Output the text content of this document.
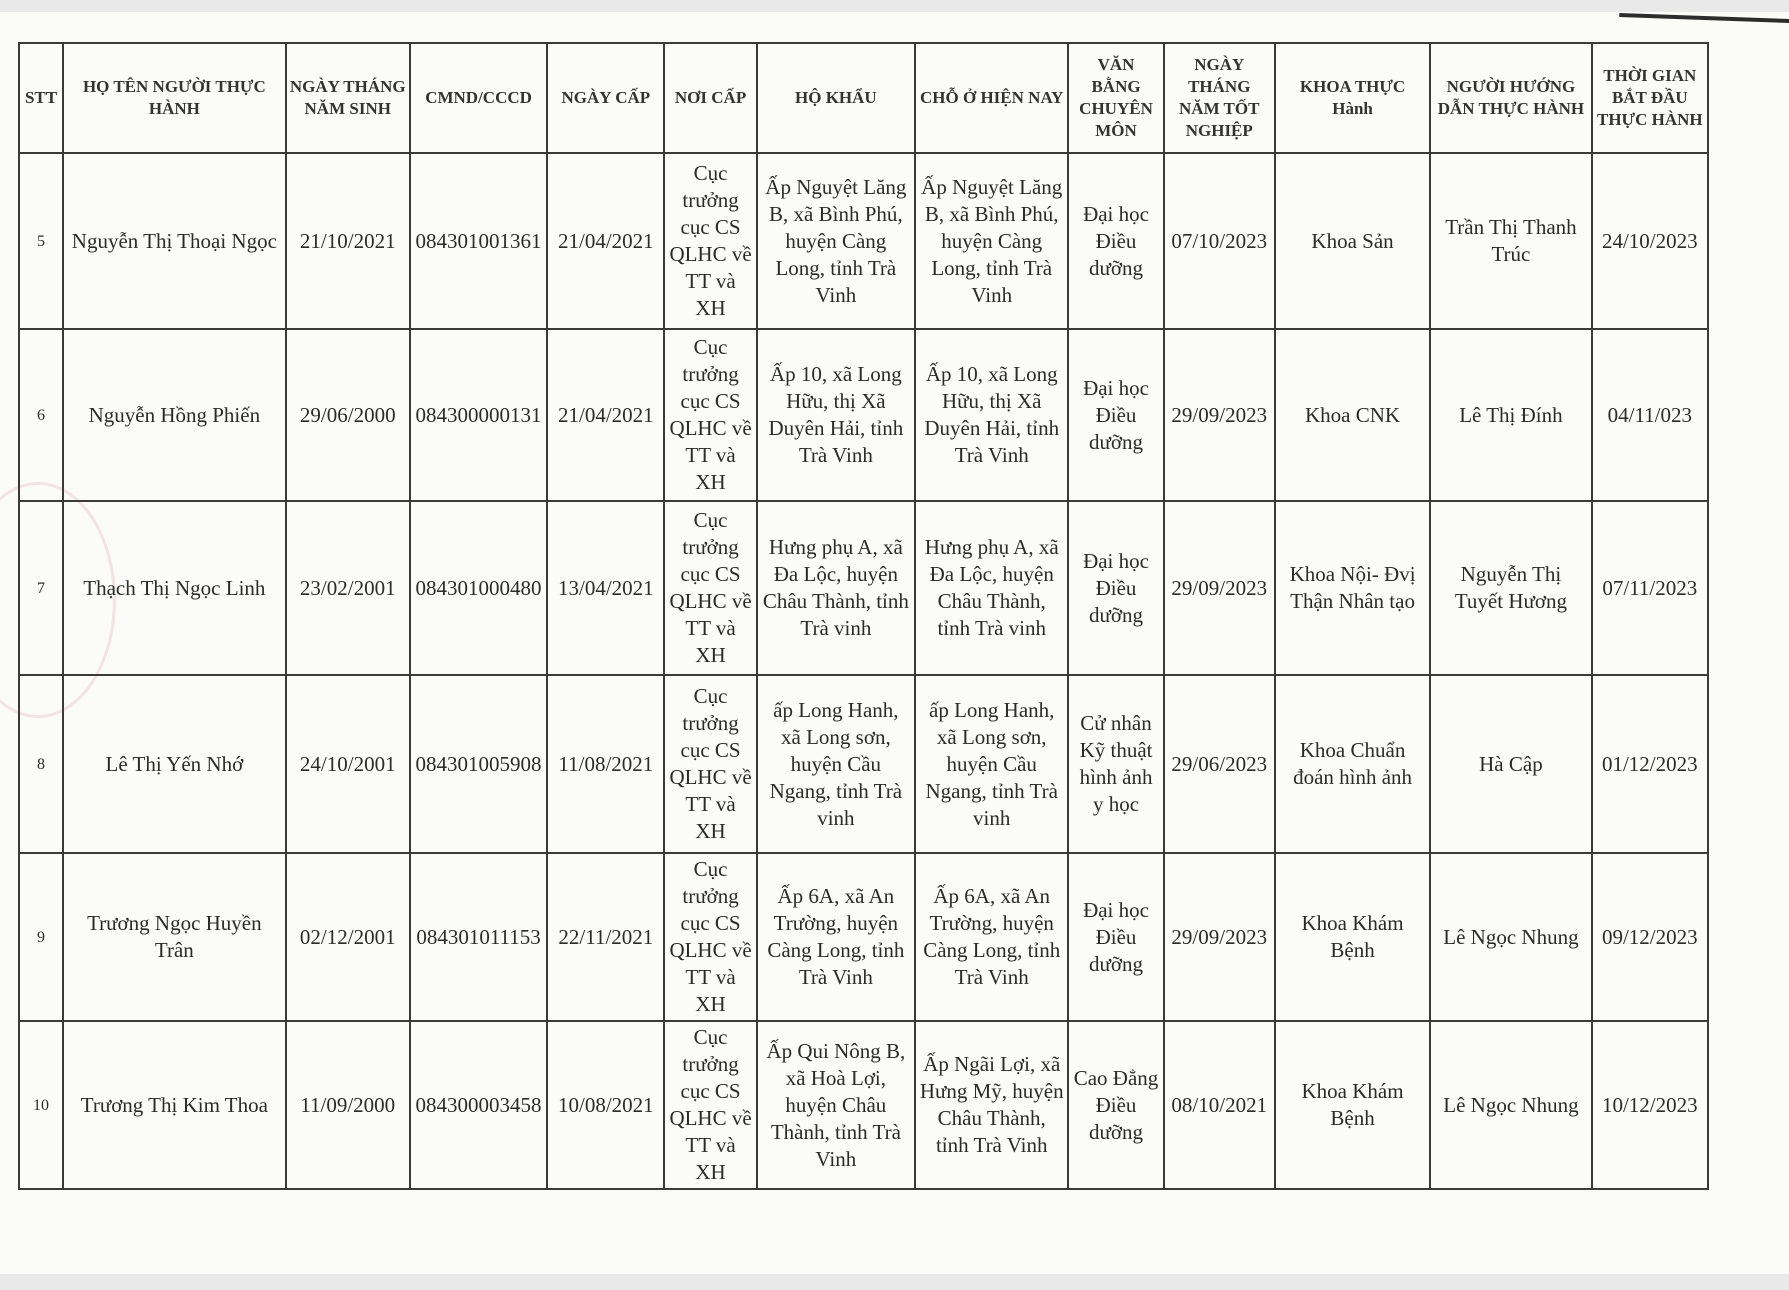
STT	HỌ TÊN NGƯỜI THỰC HÀNH	NGÀY THÁNG NĂM SINH	CMND/CCCD	NGÀY CẤP	NƠI CẤP	HỘ KHẨU	CHỖ Ở HIỆN NAY	VĂN BẰNG CHUYÊN MÔN	NGÀY THÁNG NĂM TỐT NGHIỆP	KHOA THỰC Hành	NGƯỜI HƯỚNG DẪN THỰC HÀNH	THỜI GIAN BẮT ĐẦU THỰC HÀNH
5	Nguyễn Thị Thoại Ngọc	21/10/2021	084301001361	21/04/2021	Cục trưởng cục CS QLHC về TT và XH	Ấp Nguyệt Lăng B, xã Bình Phú, huyện Càng Long, tỉnh Trà Vinh	Ấp Nguyệt Lăng B, xã Bình Phú, huyện Càng Long, tỉnh Trà Vinh	Đại học Điều dưỡng	07/10/2023	Khoa Sản	Trần Thị Thanh Trúc	24/10/2023
6	Nguyễn Hồng Phiến	29/06/2000	084300000131	21/04/2021	Cục trưởng cục CS QLHC về TT và XH	Ấp 10, xã Long Hữu, thị Xã Duyên Hải, tỉnh Trà Vinh	Ấp 10, xã Long Hữu, thị Xã Duyên Hải, tỉnh Trà Vinh	Đại học Điều dưỡng	29/09/2023	Khoa CNK	Lê Thị Đính	04/11/023
7	Thạch Thị Ngọc Linh	23/02/2001	084301000480	13/04/2021	Cục trưởng cục CS QLHC về TT và XH	Hưng phụ A, xã Đa Lộc, huyện Châu Thành, tỉnh Trà vinh	Hưng phụ A, xã Đa Lộc, huyện Châu Thành, tỉnh Trà vinh	Đại học Điều dưỡng	29/09/2023	Khoa Nội- Đvị Thận Nhân tạo	Nguyễn Thị Tuyết Hương	07/11/2023
8	Lê Thị Yến Nhớ	24/10/2001	084301005908	11/08/2021	Cục trưởng cục CS QLHC về TT và XH	ấp Long Hanh, xã Long sơn, huyện Cầu Ngang, tỉnh Trà vinh	ấp Long Hanh, xã Long sơn, huyện Cầu Ngang, tỉnh Trà vinh	Cử nhân Kỹ thuật hình ảnh y học	29/06/2023	Khoa Chuẩn đoán hình ảnh	Hà Cập	01/12/2023
9	Trương Ngọc Huyền Trân	02/12/2001	084301011153	22/11/2021	Cục trưởng cục CS QLHC về TT và XH	Ấp 6A, xã An Trường, huyện Càng Long, tỉnh Trà Vinh	Ấp 6A, xã An Trường, huyện Càng Long, tỉnh Trà Vinh	Đại học Điều dưỡng	29/09/2023	Khoa Khám Bệnh	Lê Ngọc Nhung	09/12/2023
10	Trương Thị Kim Thoa	11/09/2000	084300003458	10/08/2021	Cục trưởng cục CS QLHC về TT và XH	Ấp Qui Nông B, xã Hoà Lợi, huyện Châu Thành, tỉnh Trà Vinh	Ấp Ngãi Lợi, xã Hưng Mỹ, huyện Châu Thành, tỉnh Trà Vinh	Cao Đẳng Điều dưỡng	08/10/2021	Khoa Khám Bệnh	Lê Ngọc Nhung	10/12/2023
